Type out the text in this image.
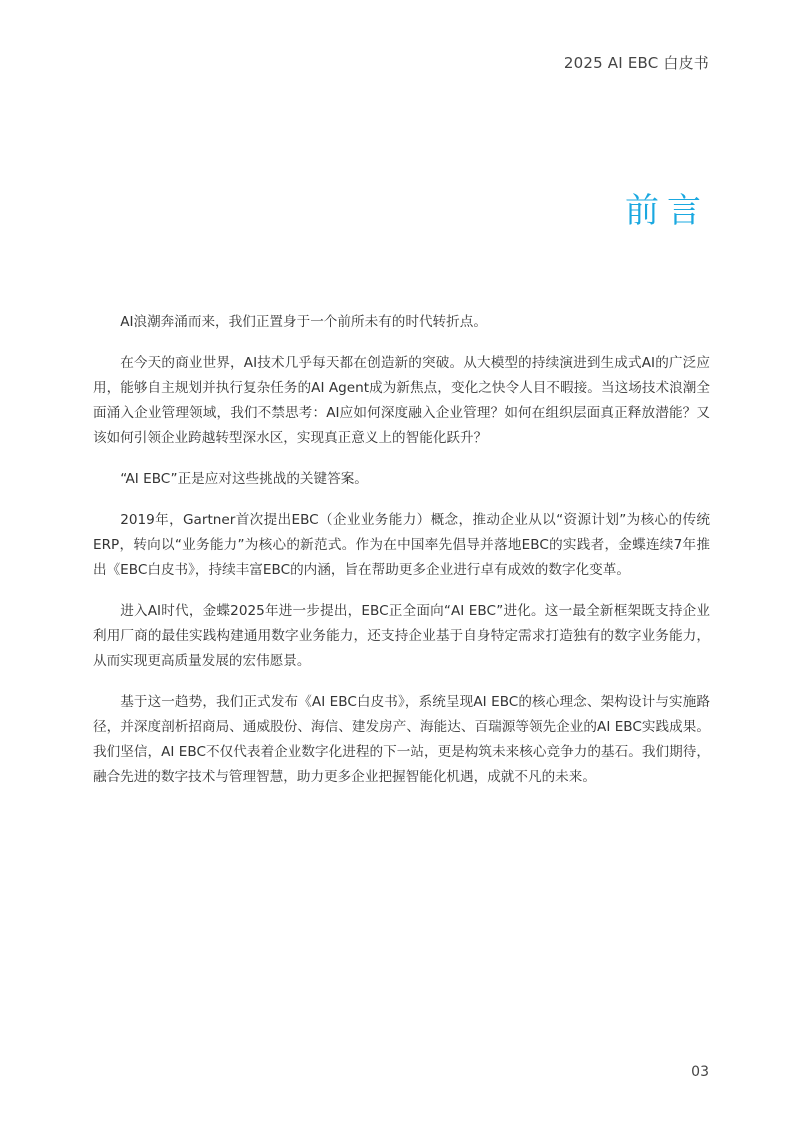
2025 AI EBC 白皮书
前言

AI浪潮奔涌而来，我们正置身于一个前所未有的时代转折点。

在今天的商业世界，AI技术几乎每天都在创造新的突破。从大模型的持续演进到生成式AI的广泛应用，能够自主规划并执行复杂任务的AI Agent成为新焦点，变化之快令人目不暇接。当这场技术浪潮全面涌入企业管理领域，我们不禁思考：AI应如何深度融入企业管理？如何在组织层面真正释放潜能？又该如何引领企业跨越转型深水区，实现真正意义上的智能化跃升？

“AI EBC”正是应对这些挑战的关键答案。

2019年，Gartner首次提出EBC（企业业务能力）概念，推动企业从以“资源计划”为核心的传统ERP，转向以“业务能力”为核心的新范式。作为在中国率先倡导并落地EBC的实践者，金蝶连续7年推出《EBC白皮书》，持续丰富EBC的内涵，旨在帮助更多企业进行卓有成效的数字化变革。

进入AI时代，金蝶2025年进一步提出，EBC正全面向“AI EBC”进化。这一最全新框架既支持企业利用厂商的最佳实践构建通用数字业务能力，还支持企业基于自身特定需求打造独有的数字业务能力，从而实现更高质量发展的宏伟愿景。

基于这一趋势，我们正式发布《AI EBC白皮书》，系统呈现AI EBC的核心理念、架构设计与实施路径，并深度剖析招商局、通威股份、海信、建发房产、海能达、百瑞源等领先企业的AI EBC实践成果。我们坚信，AI EBC不仅代表着企业数字化进程的下一站，更是构筑未来核心竞争力的基石。我们期待，融合先进的数字技术与管理智慧，助力更多企业把握智能化机遇，成就不凡的未来。

03
